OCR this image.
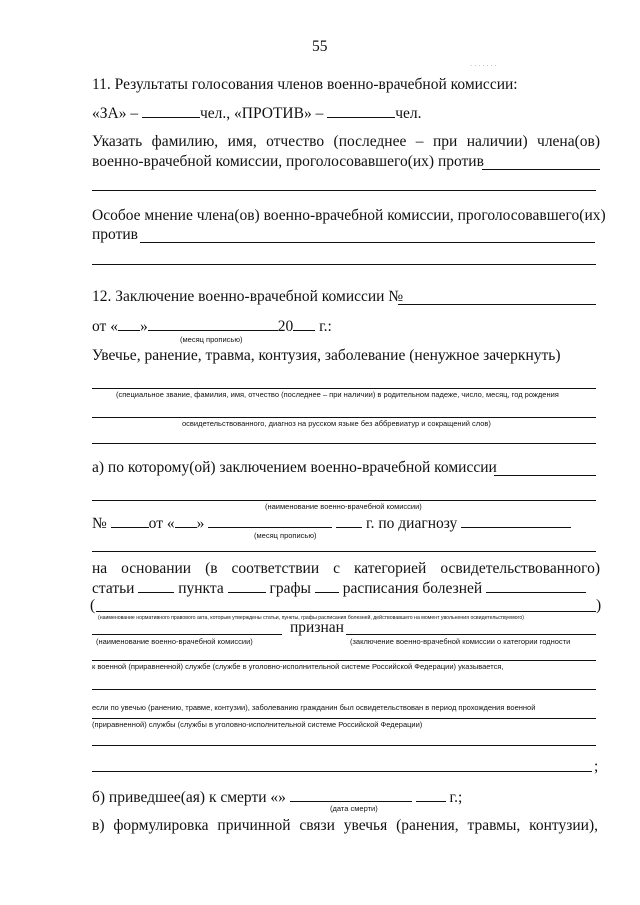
55
· · · · · · ·
11. Результаты голосования членов военно-врачебной комиссии:
«ЗА» –	чел., «ПРОТИВ» –	чел.
Указать фамилию, имя, отчество (последнее – при наличии) члена(ов)
военно-врачебной комиссии, проголосовавшего(их) против
Особое мнение члена(ов) военно-врачебной комиссии, проголосовавшего(их)
против
12. Заключение военно-врачебной комиссии №
от « »	20 г.:
(месяц прописью)
Увечье, ранение, травма, контузия, заболевание (ненужное зачеркнуть)
(специальное звание, фамилия, имя, отчество (последнее – при наличии) в родительном падеже, число, месяц, год рождения
освидетельствованного, диагноз на русском языке без аббревиатур и сокращений слов)
а) по которому(ой) заключением военно-врачебной комиссии
(наименование военно-врачебной комиссии)
№	от « »	г. по диагнозу
(месяц прописью)
на основании (в соответствии с категорией освидетельствованного)
статьи	пункта	графы расписания болезней
(	)
(наименование нормативного правового акта, которым утверждены статьи, пункты, графы расписания болезней, действовавшего на момент увольнения освидетельствуемого)
признан
(наименование военно-врачебной комиссии)	(заключение военно-врачебной комиссии о категории годности
к военной (приравненной) службе (службе в уголовно-исполнительной системе Российской Федерации) указывается,
если по увечью (ранению, травме, контузии), заболеванию гражданин был освидетельствован в период прохождения военной
(приравненной) службы (службы в уголовно-исполнительной системе Российской Федерации)
;
б) приведшее(ая) к смерти «»	г.;
(дата смерти)
в) формулировка причинной связи увечья (ранения, травмы, контузии),
